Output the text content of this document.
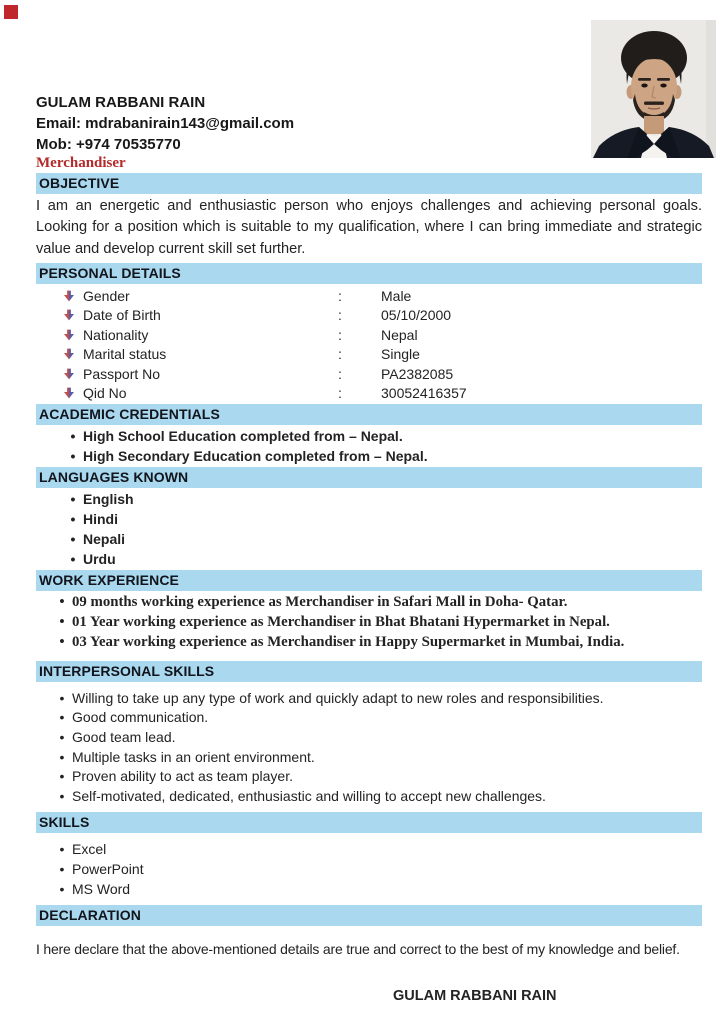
GULAM RABBANI RAIN
Email: mdrabanirain143@gmail.com
Mob: +974 70535770
Merchandiser
OBJECTIVE
I am an energetic and enthusiastic person who enjoys challenges and achieving personal goals. Looking for a position which is suitable to my qualification, where I can bring immediate and strategic value and develop current skill set further.
PERSONAL DETAILS
Gender	:	Male
Date of Birth	:	05/10/2000
Nationality	:	Nepal
Marital status	:	Single
Passport No	:	PA2382085
Qid No	:	30052416357
ACADEMIC CREDENTIALS
• High School Education completed from – Nepal.
• High Secondary Education completed from – Nepal.
LANGUAGES KNOWN
• English
• Hindi
• Nepali
• Urdu
WORK EXPERIENCE
• 09 months working experience as Merchandiser in Safari Mall in Doha- Qatar.
• 01 Year working experience as Merchandiser in Bhat Bhatani Hypermarket in Nepal.
• 03 Year working experience as Merchandiser in Happy Supermarket in Mumbai, India.
INTERPERSONAL SKILLS
• Willing to take up any type of work and quickly adapt to new roles and responsibilities.
• Good communication.
• Good team lead.
• Multiple tasks in an orient environment.
• Proven ability to act as team player.
• Self-motivated, dedicated, enthusiastic and willing to accept new challenges.
SKILLS
• Excel
• PowerPoint
• MS Word
DECLARATION
I here declare that the above-mentioned details are true and correct to the best of my knowledge and belief.
GULAM RABBANI RAIN
